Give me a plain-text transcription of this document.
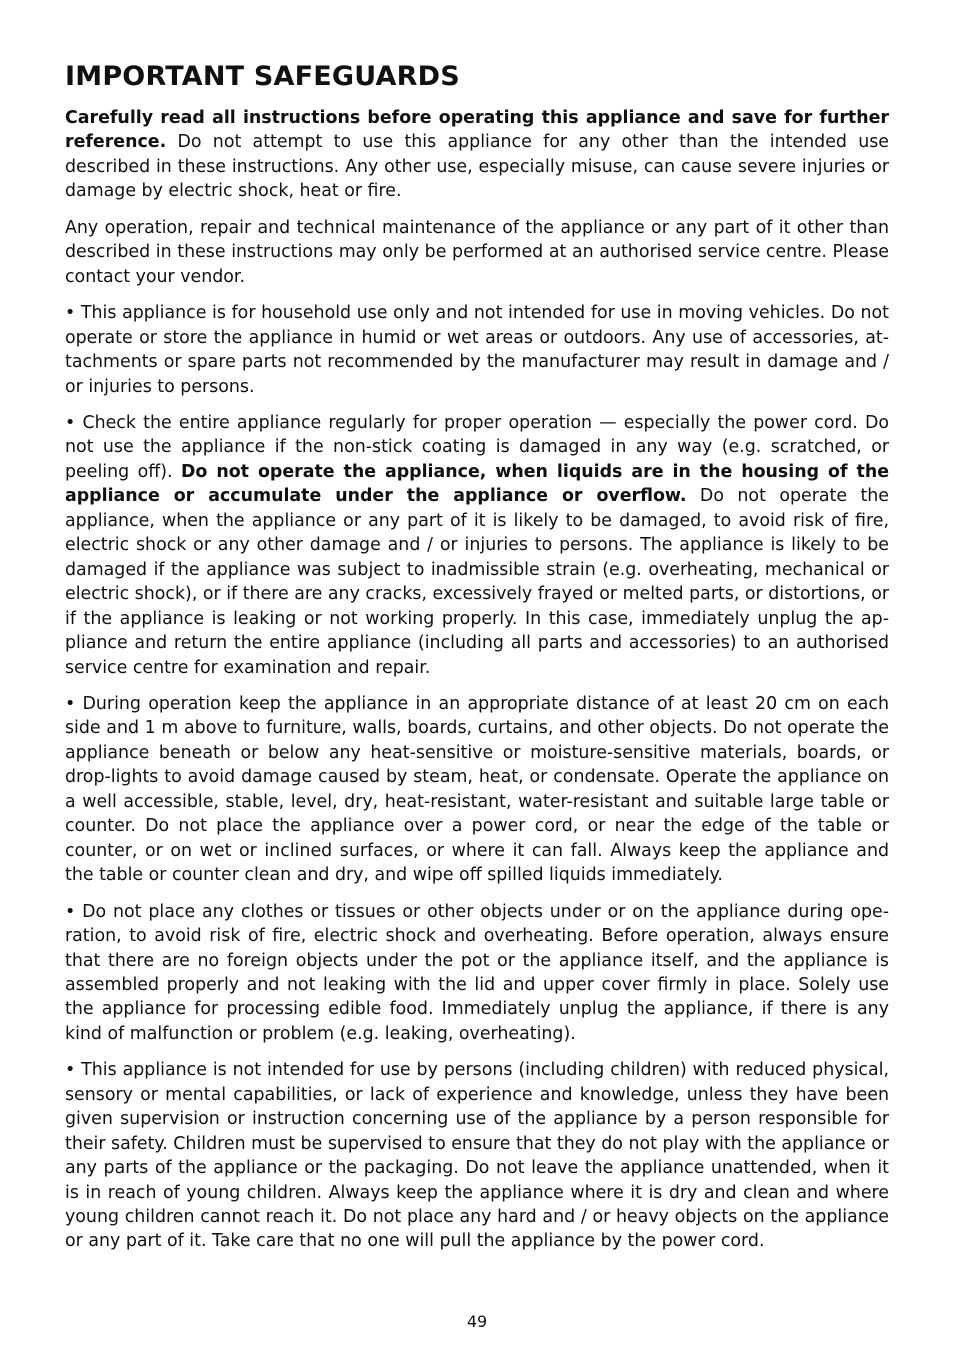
IMPORTANT SAFEGUARDS

Carefully read all instructions before operating this appliance and save for further reference. Do not attempt to use this appliance for any other than the intended use described in these instructions. Any other use, especially misuse, can cause severe injuries or damage by electric shock, heat or fire.

Any operation, repair and technical maintenance of the appliance or any part of it other than described in these instructions may only be performed at an authorised service centre. Please contact your vendor.

• This appliance is for household use only and not intended for use in moving vehicles. Do not operate or store the appliance in humid or wet areas or outdoors. Any use of accessories, attachments or spare parts not recommended by the manufacturer may result in damage and / or injuries to persons.

• Check the entire appliance regularly for proper operation — especially the power cord. Do not use the appliance if the non-stick coating is damaged in any way (e.g. scratched, or peeling off). Do not operate the appliance, when liquids are in the housing of the appliance or accumulate under the appliance or overflow. Do not operate the appliance, when the appliance or any part of it is likely to be damaged, to avoid risk of fire, electric shock or any other damage and / or injuries to persons. The appliance is likely to be damaged if the appliance was subject to inadmissible strain (e.g. overheating, mechanical or electric shock), or if there are any cracks, excessively frayed or melted parts, or distortions, or if the appliance is leaking or not working properly. In this case, immediately unplug the appliance and return the entire appliance (including all parts and accessories) to an authorised service centre for examination and repair.

• During operation keep the appliance in an appropriate distance of at least 20 cm on each side and 1 m above to furniture, walls, boards, curtains, and other objects. Do not operate the appliance beneath or below any heat-sensitive or moisture-sensitive materials, boards, or drop-lights to avoid damage caused by steam, heat, or condensate. Operate the appliance on a well accessible, stable, level, dry, heat-resistant, water-resistant and suitable large table or counter. Do not place the appliance over a power cord, or near the edge of the table or counter, or on wet or inclined surfaces, or where it can fall. Always keep the appliance and the table or counter clean and dry, and wipe off spilled liquids immediately.

• Do not place any clothes or tissues or other objects under or on the appliance during operation, to avoid risk of fire, electric shock and overheating. Before operation, always ensure that there are no foreign objects under the pot or the appliance itself, and the appliance is assembled properly and not leaking with the lid and upper cover firmly in place. Solely use the appliance for processing edible food. Immediately unplug the appliance, if there is any kind of malfunction or problem (e.g. leaking, overheating).

• This appliance is not intended for use by persons (including children) with reduced physical, sensory or mental capabilities, or lack of experience and knowledge, unless they have been given supervision or instruction concerning use of the appliance by a person responsible for their safety. Children must be supervised to ensure that they do not play with the appliance or any parts of the appliance or the packaging. Do not leave the appliance unattended, when it is in reach of young children. Always keep the appliance where it is dry and clean and where young children cannot reach it. Do not place any hard and / or heavy objects on the appliance or any part of it. Take care that no one will pull the appliance by the power cord.

49
